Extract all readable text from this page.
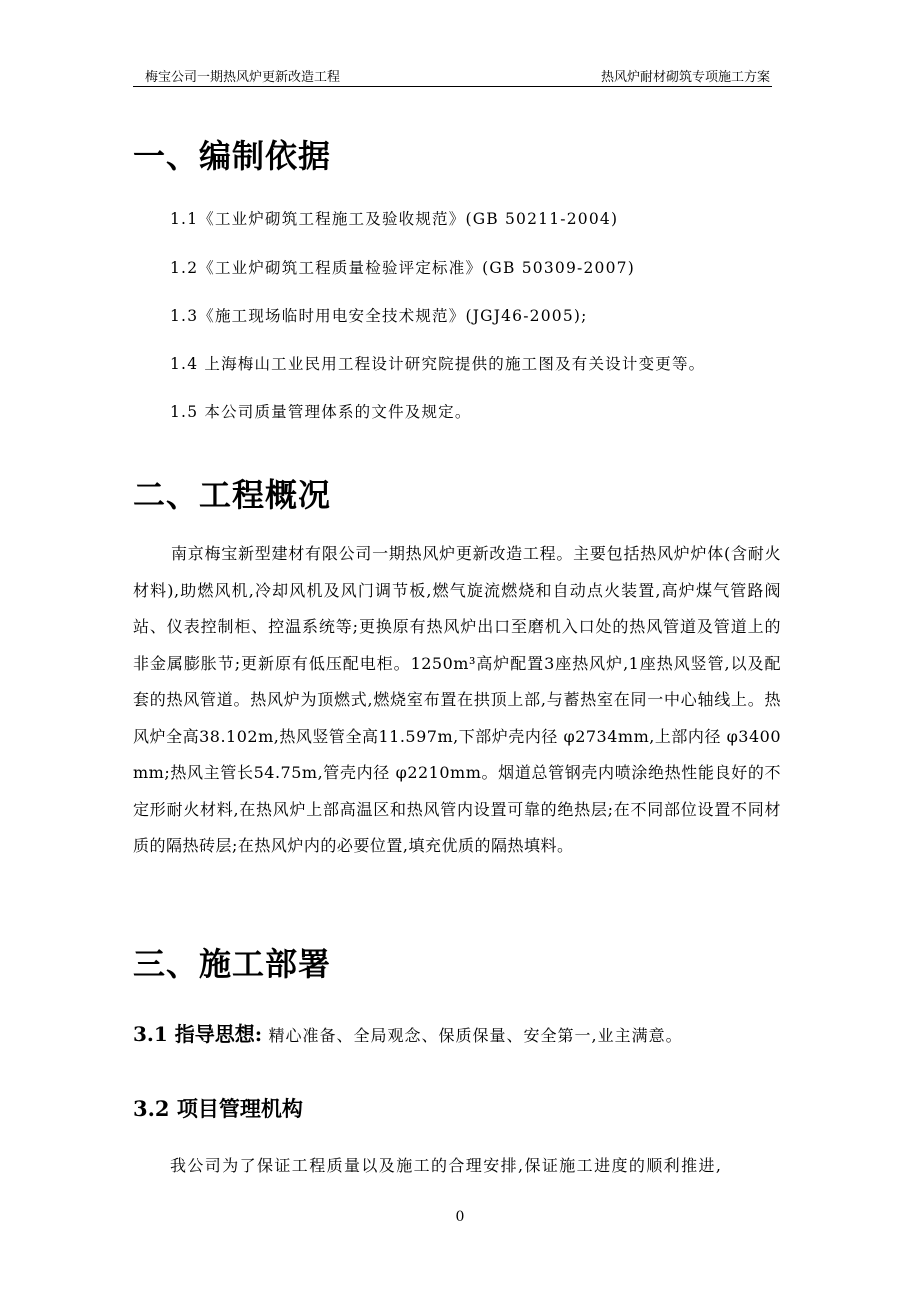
梅宝公司一期热风炉更新改造工程	热风炉耐材砌筑专项施工方案
一、编制依据
1.1《工业炉砌筑工程施工及验收规范》(GB 50211-2004)
1.2《工业炉砌筑工程质量检验评定标准》(GB 50309-2007)
1.3《施工现场临时用电安全技术规范》(JGJ46-2005);
1.4 上海梅山工业民用工程设计研究院提供的施工图及有关设计变更等。
1.5 本公司质量管理体系的文件及规定。
二、工程概况
南京梅宝新型建材有限公司一期热风炉更新改造工程。主要包括热风炉炉体(含耐火材料),助燃风机,冷却风机及风门调节板,燃气旋流燃烧和自动点火装置,高炉煤气管路阀站、仪表控制柜、控温系统等;更换原有热风炉出口至磨机入口处的热风管道及管道上的非金属膨胀节;更新原有低压配电柜。1250m³高炉配置3座热风炉,1座热风竖管,以及配套的热风管道。热风炉为顶燃式,燃烧室布置在拱顶上部,与蓄热室在同一中心轴线上。热风炉全高38.102m,热风竖管全高11.597m,下部炉壳内径 φ2734mm,上部内径 φ3400 mm;热风主管长54.75m,管壳内径 φ2210mm。烟道总管钢壳内喷涂绝热性能良好的不定形耐火材料,在热风炉上部高温区和热风管内设置可靠的绝热层;在不同部位设置不同材质的隔热砖层;在热风炉内的必要位置,填充优质的隔热填料。
三、施工部署
3.1 指导思想: 精心准备、全局观念、保质保量、安全第一,业主满意。
3.2 项目管理机构
我公司为了保证工程质量以及施工的合理安排,保证施工进度的顺利推进,
0
